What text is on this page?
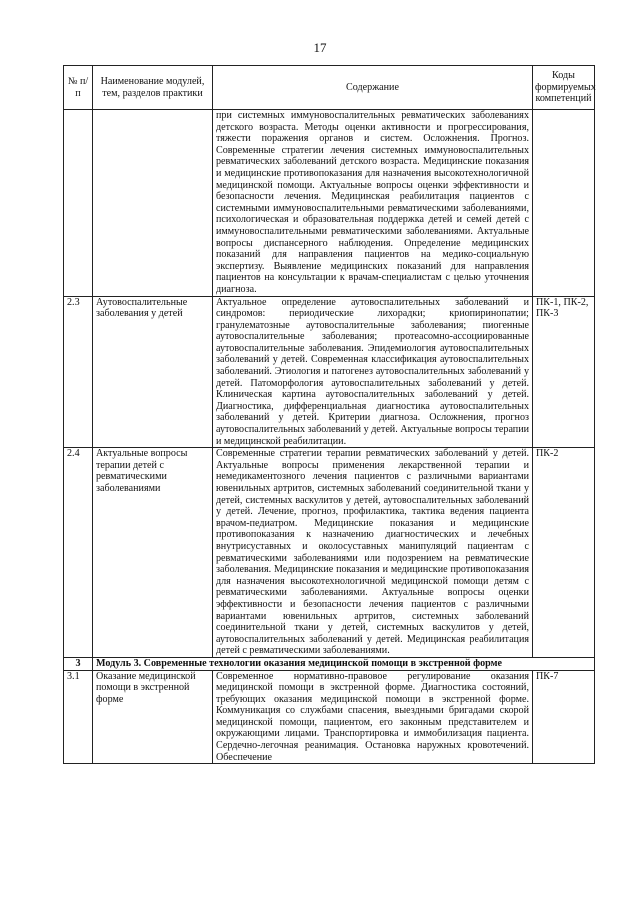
17
№ п/п	Наименование модулей, тем, разделов практики	Содержание	Коды формируемых компетенций
		при системных иммуновоспалительных ревматических заболеваниях детского возраста. Методы оценки активности и прогрессирования, тяжести поражения органов и систем. Осложнения. Прогноз. Современные стратегии лечения системных иммуновоспалительных ревматических заболеваний детского возраста. Медицинские показания и медицинские противопоказания для назначения высокотехнологичной медицинской помощи. Актуальные вопросы оценки эффективности и безопасности лечения. Медицинская реабилитация пациентов с системными иммуновоспалительными ревматическими заболеваниями, психологическая и образовательная поддержка детей и семей детей с иммуновоспалительными ревматическими заболеваниями. Актуальные вопросы диспансерного наблюдения. Определение медицинских показаний для направления пациентов на медико-социальную экспертизу. Выявление медицинских показаний для направления пациентов на консультации к врачам-специалистам с целью уточнения диагноза.	
2.3	Аутовоспалительные заболевания у детей	Актуальное определение аутовоспалительных заболеваний и синдромов: периодические лихорадки; криопиринопатии; гранулематозные аутовоспалительные заболевания; пиогенные аутовоспалительные заболевания; протеасомно-ассоциированные аутовоспалительные заболевания. Эпидемиология аутовоспалительных заболеваний у детей. Современная классификация аутовоспалительных заболеваний. Этиология и патогенез аутовоспалительных заболеваний у детей. Патоморфология аутовоспалительных заболеваний у детей. Клиническая картина аутовоспалительных заболеваний у детей. Диагностика, дифференциальная диагностика аутовоспалительных заболеваний у детей. Критерии диагноза. Осложнения, прогноз аутовоспалительных заболеваний у детей. Актуальные вопросы терапии и медицинской реабилитации.	ПК-1, ПК-2, ПК-3
2.4	Актуальные вопросы терапии детей с ревматическими заболеваниями	Современные стратегии терапии ревматических заболеваний у детей. Актуальные вопросы применения лекарственной терапии и немедикаментозного лечения пациентов с различными вариантами ювенильных артритов, системных заболеваний соединительной ткани у детей, системных васкулитов у детей, аутовоспалительных заболеваний у детей. Лечение, прогноз, профилактика, тактика ведения пациента врачом-педиатром. Медицинские показания и медицинские противопоказания к назначению диагностических и лечебных внутрисуставных и околосуставных манипуляций пациентам с ревматическими заболеваниями или подозрением на ревматические заболевания. Медицинские показания и медицинские противопоказания для назначения высокотехнологичной медицинской помощи детям с ревматическими заболеваниями. Актуальные вопросы оценки эффективности и безопасности лечения пациентов с различными вариантами ювенильных артритов, системных заболеваний соединительной ткани у детей, системных васкулитов у детей, аутовоспалительных заболеваний у детей. Медицинская реабилитация детей с ревматическими заболеваниями.	ПК-2
3	Модуль 3. Современные технологии оказания медицинской помощи в экстренной форме		
3.1	Оказание медицинской помощи в экстренной форме	Современное нормативно-правовое регулирование оказания медицинской помощи в экстренной форме. Диагностика состояний, требующих оказания медицинской помощи в экстренной форме. Коммуникация со службами спасения, выездными бригадами скорой медицинской помощи, пациентом, его законным представителем и окружающими лицами. Транспортировка и иммобилизация пациента. Сердечно-легочная реанимация. Остановка наружных кровотечений. Обеспечение	ПК-7
